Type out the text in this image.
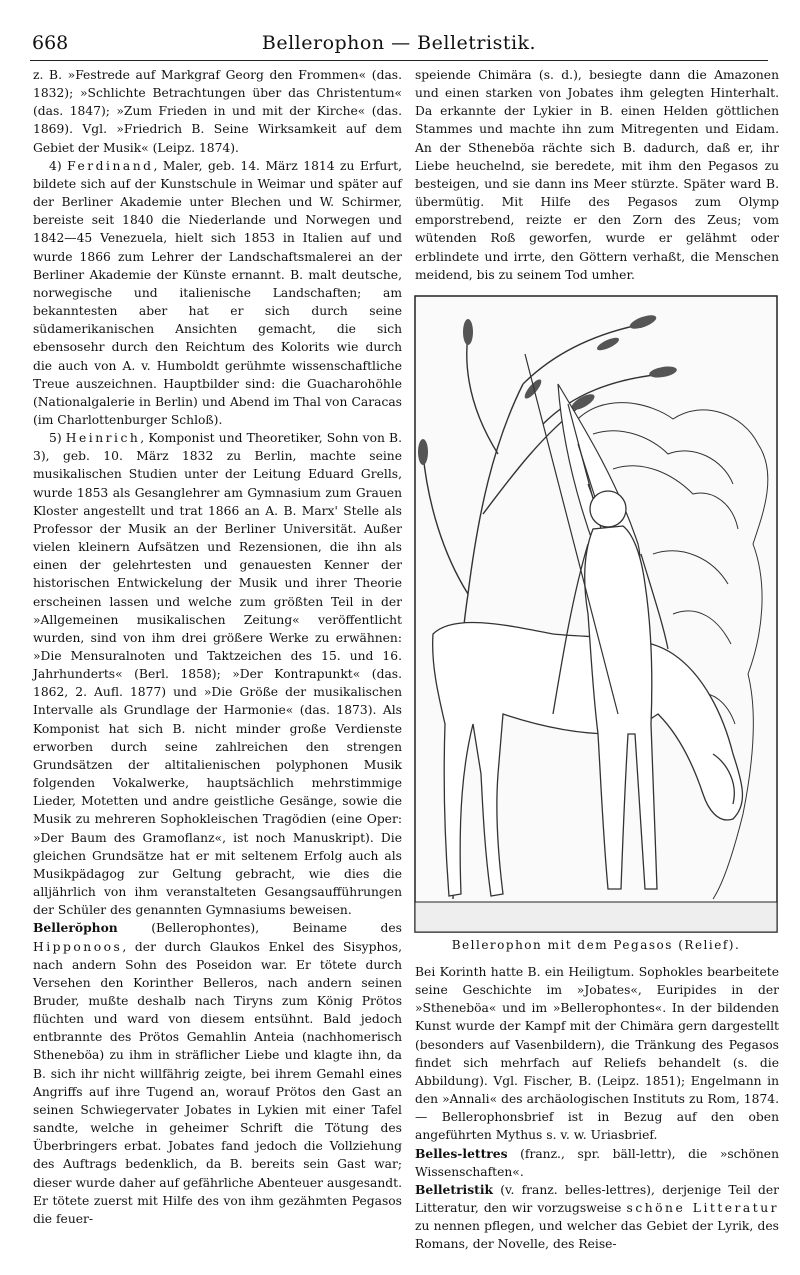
668	Bellerophon — Belletristik.

z. B. »Festrede auf Markgraf Georg den Frommen« (das. 1832); »Schlichte Betrachtungen über das Christentum« (das. 1847); »Zum Frieden in und mit der Kirche« (das. 1869). Vgl. »Friedrich B. Seine Wirksamkeit auf dem Gebiet der Musik« (Leipz. 1874).

4) Ferdinand, Maler, geb. 14. März 1814 zu Erfurt, bildete sich auf der Kunstschule in Weimar und später auf der Berliner Akademie unter Blechen und W. Schirmer, bereiste seit 1840 die Niederlande und Norwegen und 1842—45 Venezuela, hielt sich 1853 in Italien auf und wurde 1866 zum Lehrer der Landschaftsmalerei an der Berliner Akademie der Künste ernannt. B. malt deutsche, norwegische und italienische Landschaften; am bekanntesten aber hat er sich durch seine südamerikanischen Ansichten gemacht, die sich ebensosehr durch den Reichtum des Kolorits wie durch die auch von A. v. Humboldt gerühmte wissenschaftliche Treue auszeichnen. Hauptbilder sind: die Guacharohöhle (Nationalgalerie in Berlin) und Abend im Thal von Caracas (im Charlottenburger Schloß).

5) Heinrich, Komponist und Theoretiker, Sohn von B. 3), geb. 10. März 1832 zu Berlin, machte seine musikalischen Studien unter der Leitung Eduard Grells, wurde 1853 als Gesanglehrer am Gymnasium zum Grauen Kloster angestellt und trat 1866 an A. B. Marx' Stelle als Professor der Musik an der Berliner Universität. Außer vielen kleinern Aufsätzen und Rezensionen, die ihn als einen der gelehrtesten und genauesten Kenner der historischen Entwickelung der Musik und ihrer Theorie erscheinen lassen und welche zum größten Teil in der »Allgemeinen musikalischen Zeitung« veröffentlicht wurden, sind von ihm drei größere Werke zu erwähnen: »Die Mensuralnoten und Taktzeichen des 15. und 16. Jahrhunderts« (Berl. 1858); »Der Kontrapunkt« (das. 1862, 2. Aufl. 1877) und »Die Größe der musikalischen Intervalle als Grundlage der Harmonie« (das. 1873). Als Komponist hat sich B. nicht minder große Verdienste erworben durch seine zahlreichen den strengen Grundsätzen der altitalienischen polyphonen Musik folgenden Vokalwerke, hauptsächlich mehrstimmige Lieder, Motetten und andre geistliche Gesänge, sowie die Musik zu mehreren Sophokleischen Tragödien (eine Oper: »Der Baum des Gramoflanz«, ist noch Manuskript). Die gleichen Grundsätze hat er mit seltenem Erfolg auch als Musikpädagog zur Geltung gebracht, wie dies die alljährlich von ihm veranstalteten Gesangsaufführungen der Schüler des genannten Gymnasiums beweisen.

Bellerŏphon (Bellerophontes), Beiname des Hipponoos, der durch Glaukos Enkel des Sisyphos, nach andern Sohn des Poseidon war. Er tötete durch Versehen den Korinther Belleros, nach andern seinen Bruder, mußte deshalb nach Tiryns zum König Prötos flüchten und ward von diesem entsühnt. Bald jedoch entbrannte des Prötos Gemahlin Anteia (nachhomerisch Stheneböa) zu ihm in sträflicher Liebe und klagte ihn, da B. sich ihr nicht willfährig zeigte, bei ihrem Gemahl eines Angriffs auf ihre Tugend an, worauf Prötos den Gast an seinen Schwiegervater Jobates in Lykien mit einer Tafel sandte, welche in geheimer Schrift die Tötung des Überbringers erbat. Jobates fand jedoch die Vollziehung des Auftrags bedenklich, da B. bereits sein Gast war; dieser wurde daher auf gefährliche Abenteuer ausgesandt. Er tötete zuerst mit Hilfe des von ihm gezähmten Pegasos die feuer-

speiende Chimära (s. d.), besiegte dann die Amazonen und einen starken von Jobates ihm gelegten Hinterhalt. Da erkannte der Lykier in B. einen Helden göttlichen Stammes und machte ihn zum Mitregenten und Eidam. An der Stheneböa rächte sich B. dadurch, daß er, ihr Liebe heuchelnd, sie beredete, mit ihm den Pegasos zu besteigen, und sie dann ins Meer stürzte. Später ward B. übermütig. Mit Hilfe des Pegasos zum Olymp emporstrebend, reizte er den Zorn des Zeus; vom wütenden Roß geworfen, wurde er gelähmt oder erblindete und irrte, den Göttern verhaßt, die Menschen meidend, bis zu seinem Tod umher.

Bellerophon mit dem Pegasos (Relief).

Bei Korinth hatte B. ein Heiligtum. Sophokles bearbeitete seine Geschichte im »Jobates«, Euripides in der »Stheneböa« und im »Bellerophontes«. In der bildenden Kunst wurde der Kampf mit der Chimära gern dargestellt (besonders auf Vasenbildern), die Tränkung des Pegasos findet sich mehrfach auf Reliefs behandelt (s. die Abbildung). Vgl. Fischer, B. (Leipz. 1851); Engelmann in den »Annali« des archäologischen Instituts zu Rom, 1874. — Bellerophonsbrief ist in Bezug auf den oben angeführten Mythus s. v. w. Uriasbrief.

Belles-lettres (franz., spr. bäll-lettr), die »schönen Wissenschaften«.

Belletristik (v. franz. belles-lettres), derjenige Teil der Litteratur, den wir vorzugsweise schöne Litteratur zu nennen pflegen, und welcher das Gebiet der Lyrik, des Romans, der Novelle, des Reise-
